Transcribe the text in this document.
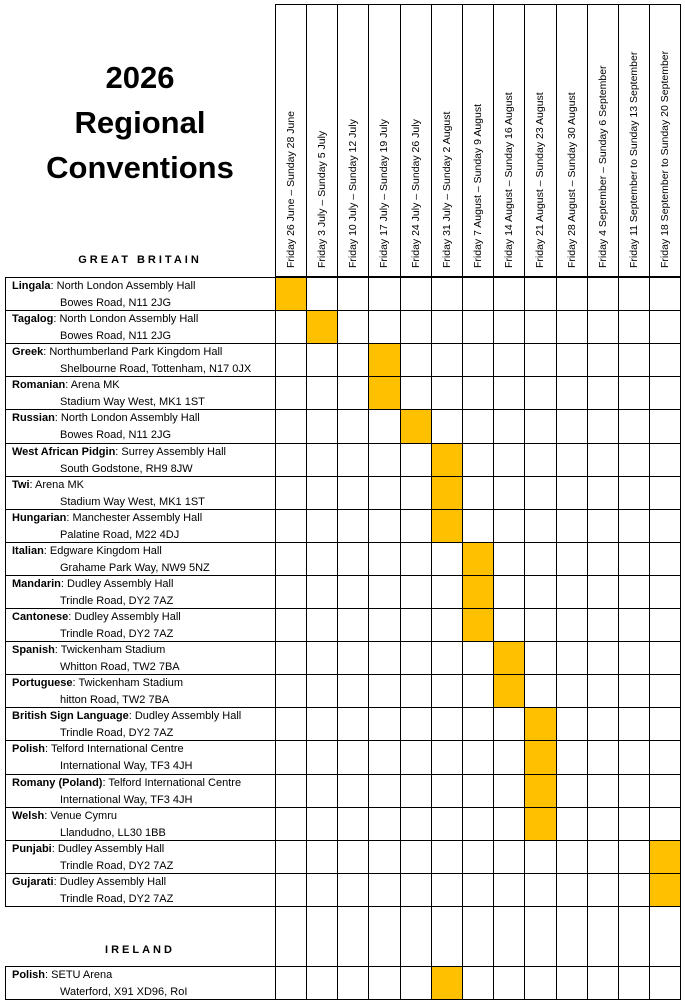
2026
Regional
Conventions
GREAT BRITAIN
IRELAND
Friday 26 June – Sunday 28 June Friday 3 July – Sunday 5 July Friday 10 July – Sunday 12 July Friday 17 July – Sunday 19 July Friday 24 July – Sunday 26 July Friday 31 July – Sunday 2 August Friday 7 August – Sunday 9 August Friday 14 August – Sunday 16 August Friday 21 August – Sunday 23 August Friday 28 August – Sunday 30 August Friday 4 September – Sunday 6 September Friday 11 September to Sunday 13 September Friday 18 September to Sunday 20 September
Lingala: North London Assembly Hall
Bowes Road, N11 2JG
Tagalog: North London Assembly Hall
Bowes Road, N11 2JG
Greek: Northumberland Park Kingdom Hall
Shelbourne Road, Tottenham, N17 0JX
Romanian: Arena MK
Stadium Way West, MK1 1ST
Russian: North London Assembly Hall
Bowes Road, N11 2JG
West African Pidgin: Surrey Assembly Hall
South Godstone, RH9 8JW
Twi: Arena MK
Stadium Way West, MK1 1ST
Hungarian: Manchester Assembly Hall
Palatine Road, M22 4DJ
Italian: Edgware Kingdom Hall
Grahame Park Way, NW9 5NZ
Mandarin: Dudley Assembly Hall
Trindle Road, DY2 7AZ
Cantonese: Dudley Assembly Hall
Trindle Road, DY2 7AZ
Spanish: Twickenham Stadium
Whitton Road, TW2 7BA
Portuguese: Twickenham Stadium
hitton Road, TW2 7BA
British Sign Language: Dudley Assembly Hall
Trindle Road, DY2 7AZ
Polish: Telford International Centre
International Way, TF3 4JH
Romany (Poland): Telford International Centre
International Way, TF3 4JH
Welsh: Venue Cymru
Llandudno, LL30 1BB
Punjabi: Dudley Assembly Hall
Trindle Road, DY2 7AZ
Gujarati: Dudley Assembly Hall
Trindle Road, DY2 7AZ
Polish: SETU Arena
Waterford, X91 XD96, RoI
